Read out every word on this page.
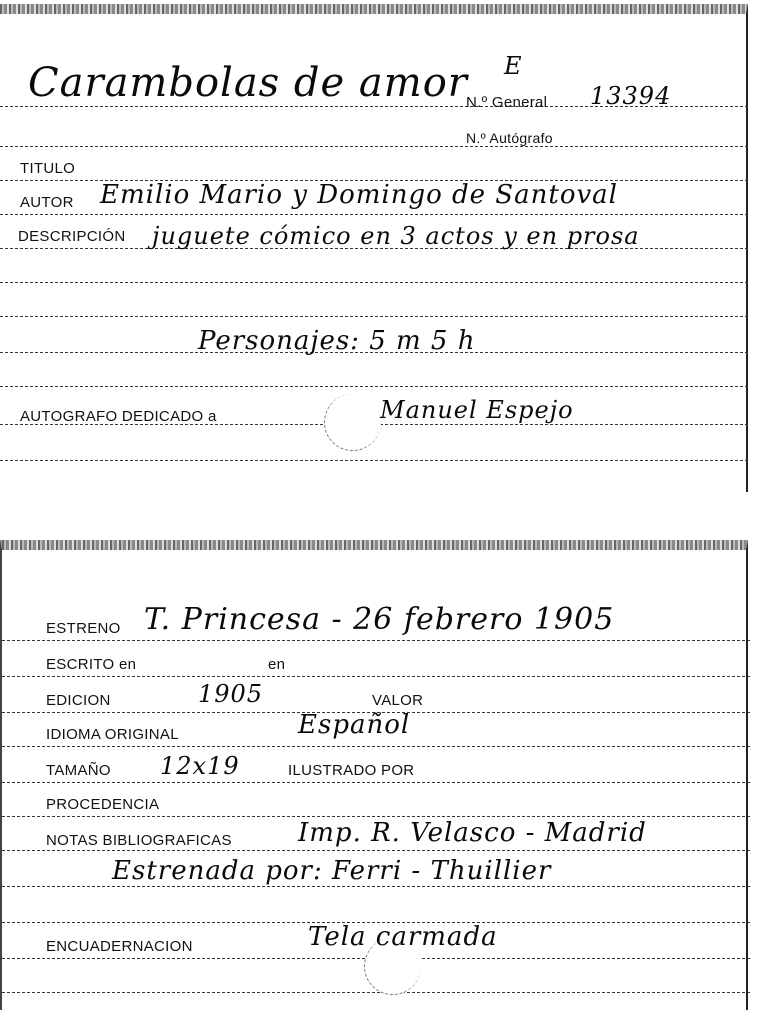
Carambolas de amor E
N.º General 13394
N.º Autógrafo
TITULO
AUTOR Emilio Mario y Domingo de Santoval
DESCRIPCIÓN juguete cómico en 3 actos y en prosa
Personajes: 5 m 5 h
AUTOGRAFO DEDICADO a	Manuel Espejo
ESTRENO T. Princesa - 26 febrero 1905
ESCRITO en	en
EDICION	1905	VALOR
IDIOMA ORIGINAL	Español
TAMAÑO 12x19	ILUSTRADO POR
PROCEDENCIA
NOTAS BIBLIOGRAFICAS	Imp. R. Velasco - Madrid
Estrenada por: Ferri - Thuillier
ENCUADERNACION	Tela carmada
